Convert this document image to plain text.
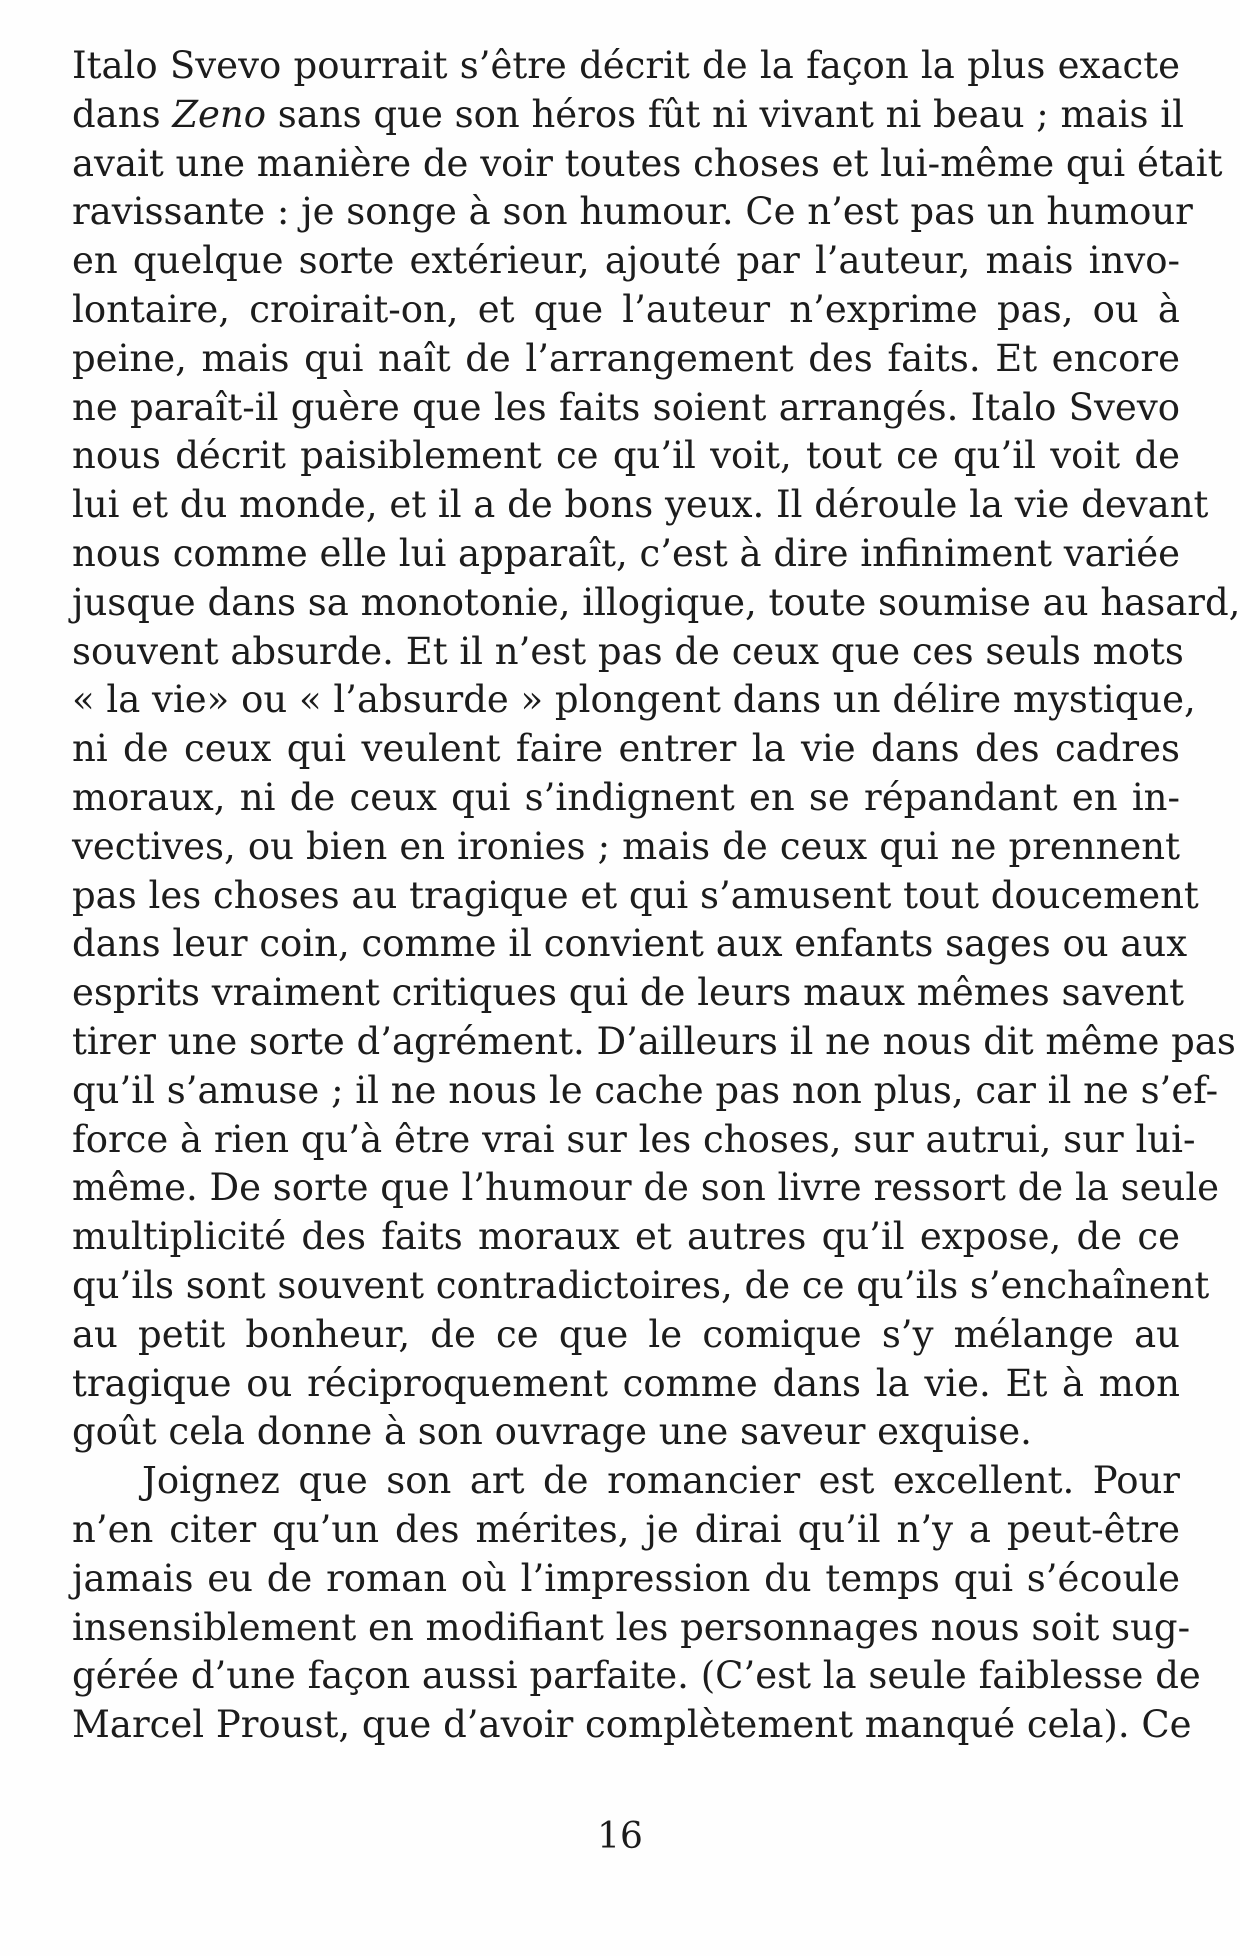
Italo Svevo pourrait s’être décrit de la façon la plus exacte
dans Zeno sans que son héros fût ni vivant ni beau ; mais il
avait une manière de voir toutes choses et lui-même qui était
ravissante : je songe à son humour. Ce n’est pas un humour
en quelque sorte extérieur, ajouté par l’auteur, mais invo-
lontaire, croirait-on, et que l’auteur n’exprime pas, ou à
peine, mais qui naît de l’arrangement des faits. Et encore
ne paraît-il guère que les faits soient arrangés. Italo Svevo
nous décrit paisiblement ce qu’il voit, tout ce qu’il voit de
lui et du monde, et il a de bons yeux. Il déroule la vie devant
nous comme elle lui apparaît, c’est à dire infiniment variée
jusque dans sa monotonie, illogique, toute soumise au hasard,
souvent absurde. Et il n’est pas de ceux que ces seuls mots
« la vie» ou « l’absurde » plongent dans un délire mystique,
ni de ceux qui veulent faire entrer la vie dans des cadres
moraux, ni de ceux qui s’indignent en se répandant en in-
vectives, ou bien en ironies ; mais de ceux qui ne prennent
pas les choses au tragique et qui s’amusent tout doucement
dans leur coin, comme il convient aux enfants sages ou aux
esprits vraiment critiques qui de leurs maux mêmes savent
tirer une sorte d’agrément. D’ailleurs il ne nous dit même pas
qu’il s’amuse ; il ne nous le cache pas non plus, car il ne s’ef-
force à rien qu’à être vrai sur les choses, sur autrui, sur lui-
même. De sorte que l’humour de son livre ressort de la seule
multiplicité des faits moraux et autres qu’il expose, de ce
qu’ils sont souvent contradictoires, de ce qu’ils s’enchaînent
au petit bonheur, de ce que le comique s’y mélange au
tragique ou réciproquement comme dans la vie. Et à mon
goût cela donne à son ouvrage une saveur exquise.
Joignez que son art de romancier est excellent. Pour
n’en citer qu’un des mérites, je dirai qu’il n’y a peut-être
jamais eu de roman où l’impression du temps qui s’écoule
insensiblement en modifiant les personnages nous soit sug-
gérée d’une façon aussi parfaite. (C’est la seule faiblesse de
Marcel Proust, que d’avoir complètement manqué cela). Ce
16
